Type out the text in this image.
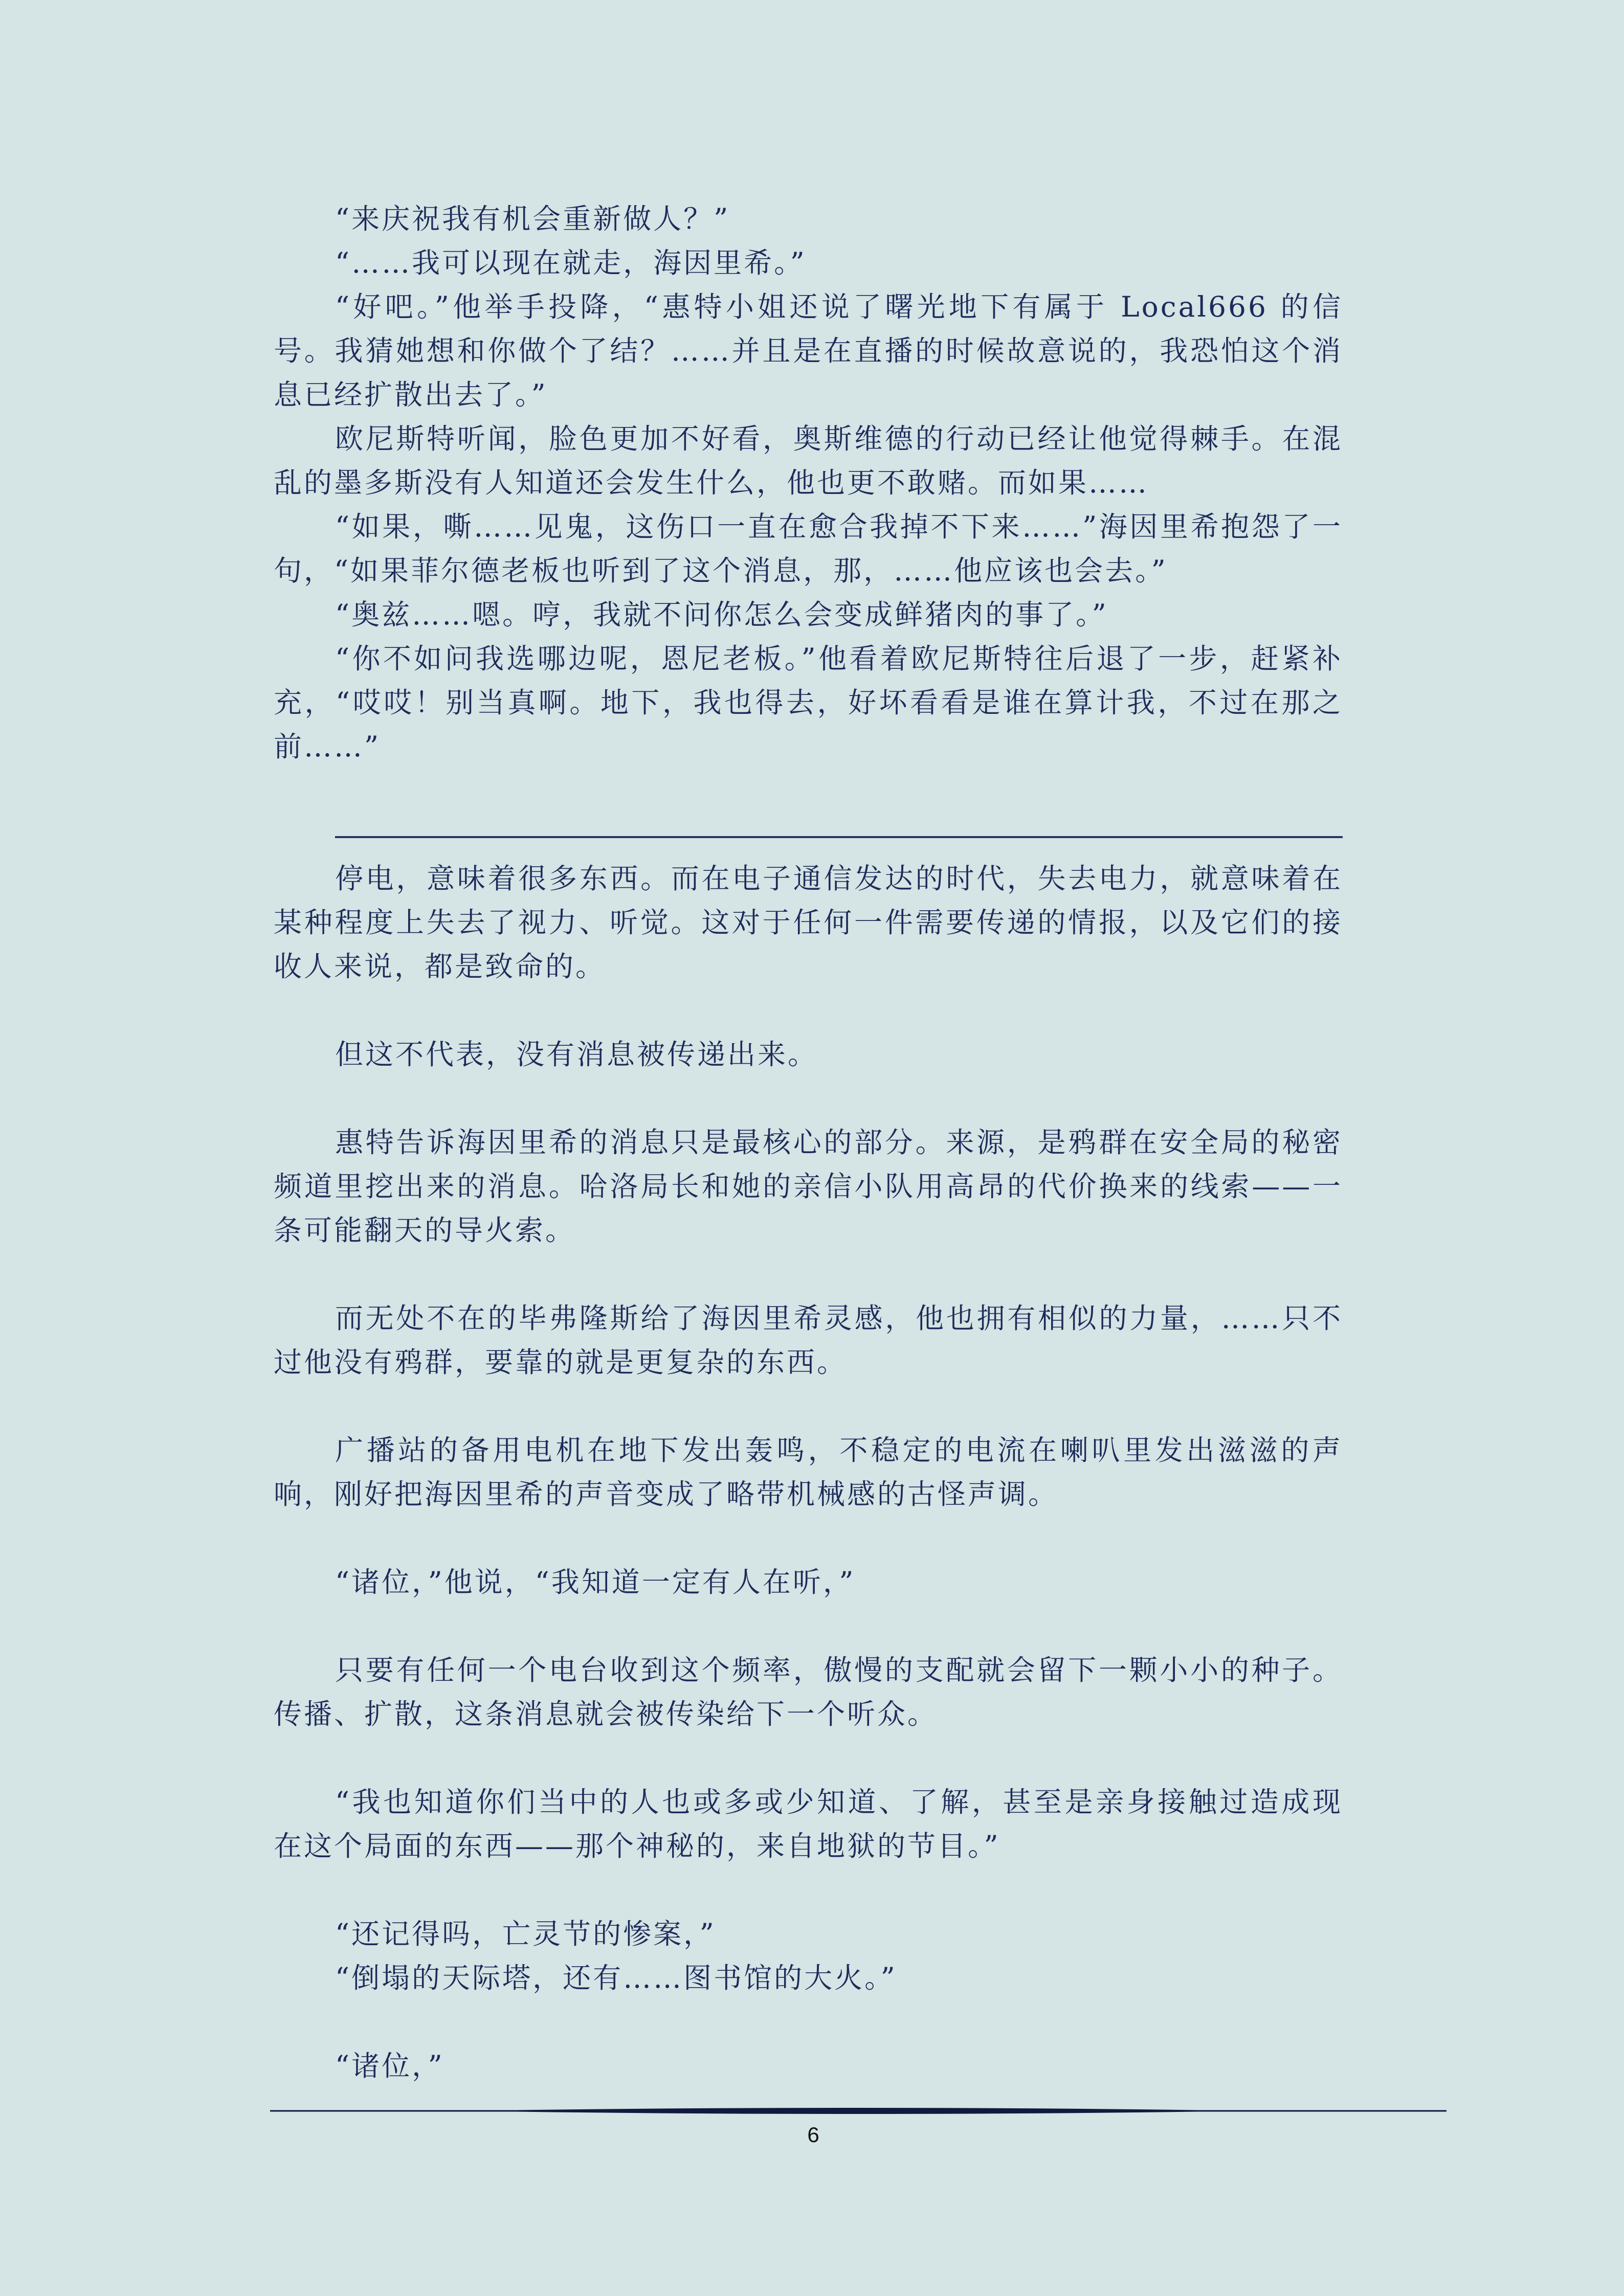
“来庆祝我有机会重新做人？”

“……我可以现在就走，海因里希。”

“好吧。”他举手投降，“惠特小姐还说了曙光地下有属于 Local666 的信号。我猜她想和你做个了结？……并且是在直播的时候故意说的，我恐怕这个消息已经扩散出去了。”

欧尼斯特听闻，脸色更加不好看，奥斯维德的行动已经让他觉得棘手。在混乱的墨多斯没有人知道还会发生什么，他也更不敢赌。而如果……

“如果，嘶……见鬼，这伤口一直在愈合我掉不下来……”海因里希抱怨了一句，“如果菲尔德老板也听到了这个消息，那，……他应该也会去。”

“奥兹……嗯。哼，我就不问你怎么会变成鲜猪肉的事了。”

“你不如问我选哪边呢，恩尼老板。”他看着欧尼斯特往后退了一步，赶紧补充，“哎哎！别当真啊。地下，我也得去，好坏看看是谁在算计我，不过在那之前……”

停电，意味着很多东西。而在电子通信发达的时代，失去电力，就意味着在某种程度上失去了视力、听觉。这对于任何一件需要传递的情报，以及它们的接收人来说，都是致命的。

但这不代表，没有消息被传递出来。

惠特告诉海因里希的消息只是最核心的部分。来源，是鸦群在安全局的秘密频道里挖出来的消息。哈洛局长和她的亲信小队用高昂的代价换来的线索——一条可能翻天的导火索。

而无处不在的毕弗隆斯给了海因里希灵感，他也拥有相似的力量，……只不过他没有鸦群，要靠的就是更复杂的东西。

广播站的备用电机在地下发出轰鸣，不稳定的电流在喇叭里发出滋滋的声响，刚好把海因里希的声音变成了略带机械感的古怪声调。

“诸位，”他说，“我知道一定有人在听，”

只要有任何一个电台收到这个频率，傲慢的支配就会留下一颗小小的种子。传播、扩散，这条消息就会被传染给下一个听众。

“我也知道你们当中的人也或多或少知道、了解，甚至是亲身接触过造成现在这个局面的东西——那个神秘的，来自地狱的节目。”

“还记得吗，亡灵节的惨案，”

“倒塌的天际塔，还有……图书馆的大火。”

“诸位，”

6
